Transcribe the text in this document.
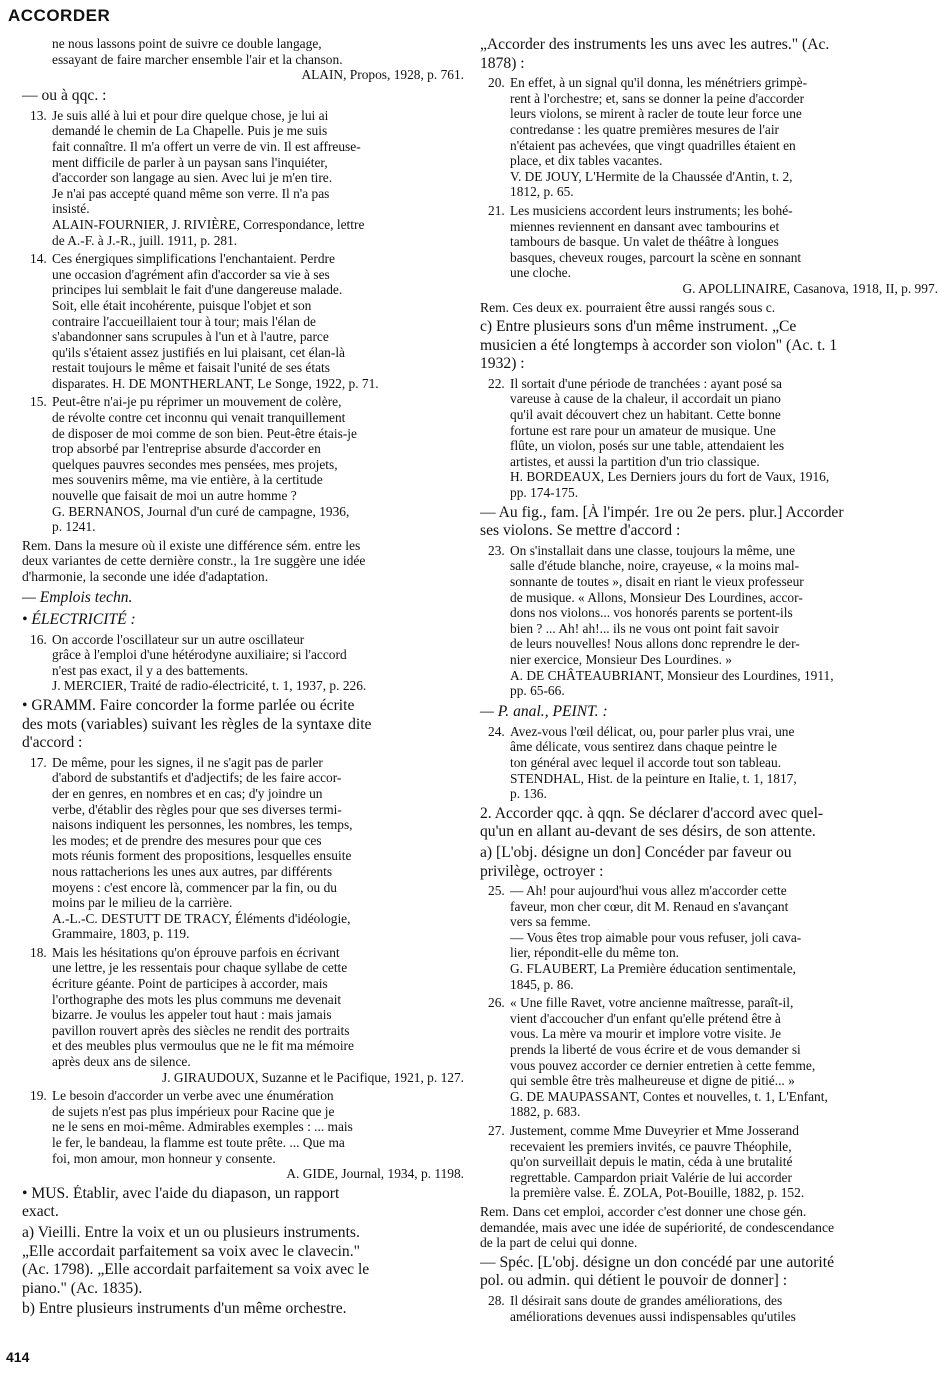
ACCORDER
ne nous lassons point de suivre ce double langage,
essayant de faire marcher ensemble l'air et la chanson.
ALAIN, Propos, 1928, p. 761.
— ou à qqc. :
13. Je suis allé à lui et pour dire quelque chose, je lui ai
demandé le chemin de La Chapelle. Puis je me suis
fait connaître. Il m'a offert un verre de vin. Il est affreuse-
ment difficile de parler à un paysan sans l'inquiéter,
d'accorder son langage au sien. Avec lui je m'en tire.
Je n'ai pas accepté quand même son verre. Il n'a pas
insisté.
ALAIN-FOURNIER, J. RIVIÈRE, Correspondance, lettre
de A.-F. à J.-R., juill. 1911, p. 281.
14. Ces énergiques simplifications l'enchantaient. Perdre
une occasion d'agrément afin d'accorder sa vie à ses
principes lui semblait le fait d'une dangereuse malade.
Soit, elle était incohérente, puisque l'objet et son
contraire l'accueillaient tour à tour; mais l'élan de
s'abandonner sans scrupules à l'un et à l'autre, parce
qu'ils s'étaient assez justifiés en lui plaisant, cet élan-là
restait toujours le même et faisait l'unité de ses états
disparates. H. DE MONTHERLANT, Le Songe, 1922, p. 71.
15. Peut-être n'ai-je pu réprimer un mouvement de colère,
de révolte contre cet inconnu qui venait tranquillement
de disposer de moi comme de son bien. Peut-être étais-je
trop absorbé par l'entreprise absurde d'accorder en
quelques pauvres secondes mes pensées, mes projets,
mes souvenirs même, ma vie entière, à la certitude
nouvelle que faisait de moi un autre homme ?
G. BERNANOS, Journal d'un curé de campagne, 1936,
p. 1241.
Rem. Dans la mesure où il existe une différence sém. entre les
deux variantes de cette dernière constr., la 1re suggère une idée
d'harmonie, la seconde une idée d'adaptation.
— Emplois techn.
• ÉLECTRICITÉ :
16. On accorde l'oscillateur sur un autre oscillateur
grâce à l'emploi d'une hétérodyne auxiliaire; si l'accord
n'est pas exact, il y a des battements.
J. MERCIER, Traité de radio-électricité, t. 1, 1937, p. 226.
• GRAMM. Faire concorder la forme parlée ou écrite
des mots (variables) suivant les règles de la syntaxe dite
d'accord :
17. De même, pour les signes, il ne s'agit pas de parler
d'abord de substantifs et d'adjectifs; de les faire accor-
der en genres, en nombres et en cas; d'y joindre un
verbe, d'établir des règles pour que ses diverses termi-
naisons indiquent les personnes, les nombres, les temps,
les modes; et de prendre des mesures pour que ces
mots réunis forment des propositions, lesquelles ensuite
nous rattacherions les unes aux autres, par différents
moyens : c'est encore là, commencer par la fin, ou du
moins par le milieu de la carrière.
A.-L.-C. DESTUTT DE TRACY, Éléments d'idéologie,
Grammaire, 1803, p. 119.
18. Mais les hésitations qu'on éprouve parfois en écrivant
une lettre, je les ressentais pour chaque syllabe de cette
écriture géante. Point de participes à accorder, mais
l'orthographe des mots les plus communs me devenait
bizarre. Je voulus les appeler tout haut : mais jamais
pavillon rouvert après des siècles ne rendit des portraits
et des meubles plus vermoulus que ne le fit ma mémoire
après deux ans de silence.
J. GIRAUDOUX, Suzanne et le Pacifique, 1921, p. 127.
19. Le besoin d'accorder un verbe avec une énumération
de sujets n'est pas plus impérieux pour Racine que je
ne le sens en moi-même. Admirables exemples : ... mais
le fer, le bandeau, la flamme est toute prête. ... Que ma
foi, mon amour, mon honneur y consente.
A. GIDE, Journal, 1934, p. 1198.
• MUS. Établir, avec l'aide du diapason, un rapport
exact.
a) Vieilli. Entre la voix et un ou plusieurs instruments.
„Elle accordait parfaitement sa voix avec le clavecin."
(Ac. 1798). „Elle accordait parfaitement sa voix avec le
piano." (Ac. 1835).
b) Entre plusieurs instruments d'un même orchestre.
„Accorder des instruments les uns avec les autres." (Ac.
1878) :
20. En effet, à un signal qu'il donna, les ménétriers grimpè-
rent à l'orchestre; et, sans se donner la peine d'accorder
leurs violons, se mirent à racler de toute leur force une
contredanse : les quatre premières mesures de l'air
n'étaient pas achevées, que vingt quadrilles étaient en
place, et dix tables vacantes.
V. DE JOUY, L'Hermite de la Chaussée d'Antin, t. 2,
1812, p. 65.
21. Les musiciens accordent leurs instruments; les bohé-
miennes reviennent en dansant avec tambourins et
tambours de basque. Un valet de théâtre à longues
basques, cheveux rouges, parcourt la scène en sonnant
une cloche.
G. APOLLINAIRE, Casanova, 1918, II, p. 997.
Rem. Ces deux ex. pourraient être aussi rangés sous c.
c) Entre plusieurs sons d'un même instrument. „Ce
musicien a été longtemps à accorder son violon" (Ac. t. 1
1932) :
22. Il sortait d'une période de tranchées : ayant posé sa
vareuse à cause de la chaleur, il accordait un piano
qu'il avait découvert chez un habitant. Cette bonne
fortune est rare pour un amateur de musique. Une
flûte, un violon, posés sur une table, attendaient les
artistes, et aussi la partition d'un trio classique.
H. BORDEAUX, Les Derniers jours du fort de Vaux, 1916,
pp. 174-175.
— Au fig., fam. [À l'impér. 1re ou 2e pers. plur.] Accorder
ses violons. Se mettre d'accord :
23. On s'installait dans une classe, toujours la même, une
salle d'étude blanche, noire, crayeuse, « la moins mal-
sonnante de toutes », disait en riant le vieux professeur
de musique. « Allons, Monsieur Des Lourdines, accor-
dons nos violons... vos honorés parents se portent-ils
bien ? ... Ah! ah!... ils ne vous ont point fait savoir
de leurs nouvelles! Nous allons donc reprendre le der-
nier exercice, Monsieur Des Lourdines. »
A. DE CHÂTEAUBRIANT, Monsieur des Lourdines, 1911,
pp. 65-66.
— P. anal., PEINT. :
24. Avez-vous l'œil délicat, ou, pour parler plus vrai, une
âme délicate, vous sentirez dans chaque peintre le
ton général avec lequel il accorde tout son tableau.
STENDHAL, Hist. de la peinture en Italie, t. 1, 1817,
p. 136.
2. Accorder qqc. à qqn. Se déclarer d'accord avec quel-
qu'un en allant au-devant de ses désirs, de son attente.
a) [L'obj. désigne un don] Concéder par faveur ou
privilège, octroyer :
25. — Ah! pour aujourd'hui vous allez m'accorder cette
faveur, mon cher cœur, dit M. Renaud en s'avançant
vers sa femme.
— Vous êtes trop aimable pour vous refuser, joli cava-
lier, répondit-elle du même ton.
G. FLAUBERT, La Première éducation sentimentale,
1845, p. 86.
26. « Une fille Ravet, votre ancienne maîtresse, paraît-il,
vient d'accoucher d'un enfant qu'elle prétend être à
vous. La mère va mourir et implore votre visite. Je
prends la liberté de vous écrire et de vous demander si
vous pouvez accorder ce dernier entretien à cette femme,
qui semble être très malheureuse et digne de pitié... »
G. DE MAUPASSANT, Contes et nouvelles, t. 1, L'Enfant,
1882, p. 683.
27. Justement, comme Mme Duveyrier et Mme Josserand
recevaient les premiers invités, ce pauvre Théophile,
qu'on surveillait depuis le matin, céda à une brutalité
regrettable. Campardon priait Valérie de lui accorder
la première valse. É. ZOLA, Pot-Bouille, 1882, p. 152.
Rem. Dans cet emploi, accorder c'est donner une chose gén.
demandée, mais avec une idée de supériorité, de condescendance
de la part de celui qui donne.
— Spéc. [L'obj. désigne un don concédé par une autorité
pol. ou admin. qui détient le pouvoir de donner] :
28. Il désirait sans doute de grandes améliorations, des
améliorations devenues aussi indispensables qu'utiles
414
